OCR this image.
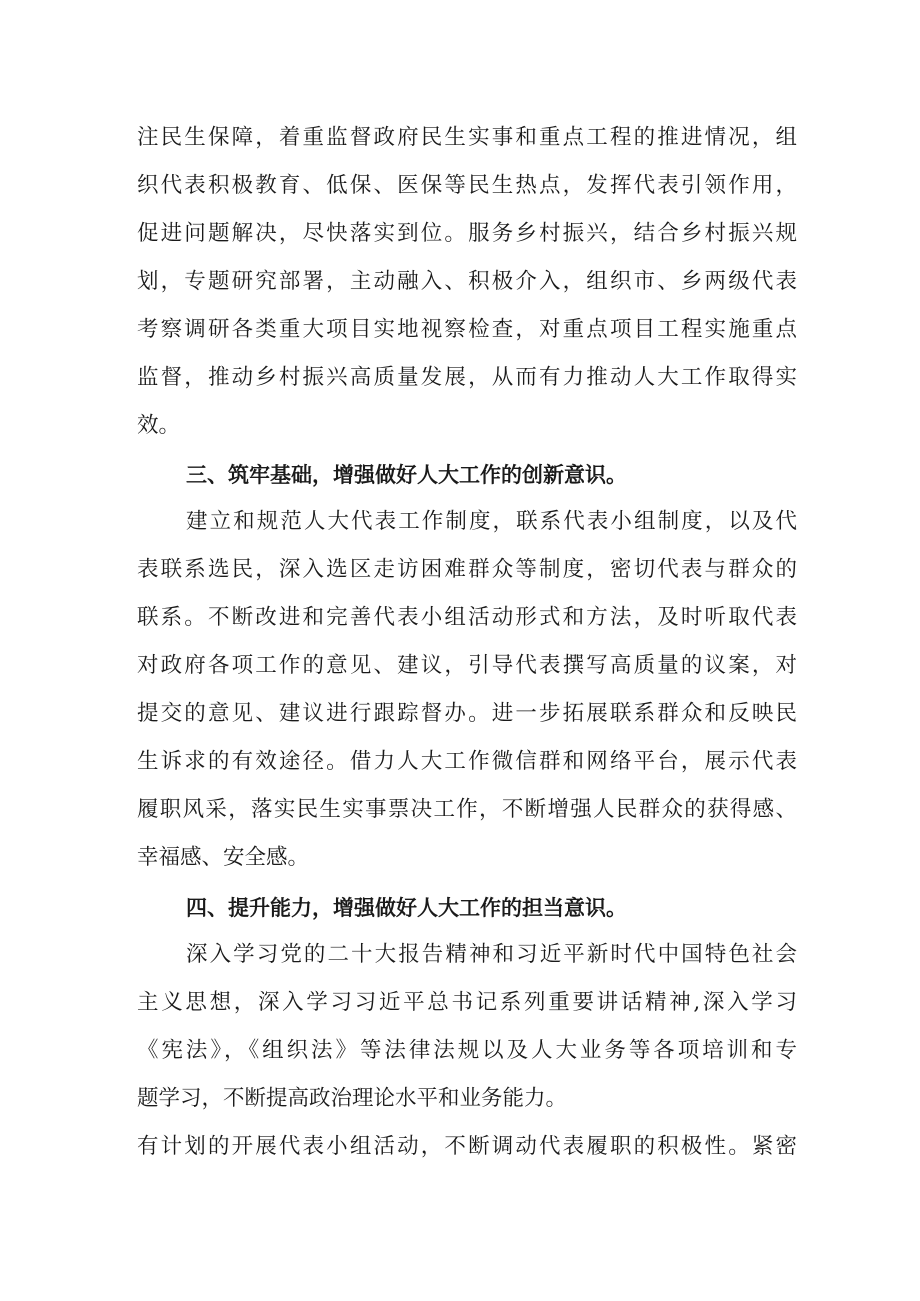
注民生保障，着重监督政府民生实事和重点工程的推进情况，组
织代表积极教育、低保、医保等民生热点，发挥代表引领作用，
促进问题解决，尽快落实到位。服务乡村振兴，结合乡村振兴规
划，专题研究部署，主动融入、积极介入，组织市、乡两级代表
考察调研各类重大项目实地视察检查，对重点项目工程实施重点
监督，推动乡村振兴高质量发展，从而有力推动人大工作取得实
效。
三、筑牢基础，增强做好人大工作的创新意识。
建立和规范人大代表工作制度，联系代表小组制度，以及代
表联系选民，深入选区走访困难群众等制度，密切代表与群众的
联系。不断改进和完善代表小组活动形式和方法，及时听取代表
对政府各项工作的意见、建议，引导代表撰写高质量的议案，对
提交的意见、建议进行跟踪督办。进一步拓展联系群众和反映民
生诉求的有效途径。借力人大工作微信群和网络平台，展示代表
履职风采，落实民生实事票决工作，不断增强人民群众的获得感、
幸福感、安全感。
四、提升能力，增强做好人大工作的担当意识。
深入学习党的二十大报告精神和习近平新时代中国特色社会
主义思想，深入学习习近平总书记系列重要讲话精神,深入学习
《宪法》，《组织法》等法律法规以及人大业务等各项培训和专
题学习，不断提高政治理论水平和业务能力。
有计划的开展代表小组活动，不断调动代表履职的积极性。紧密
